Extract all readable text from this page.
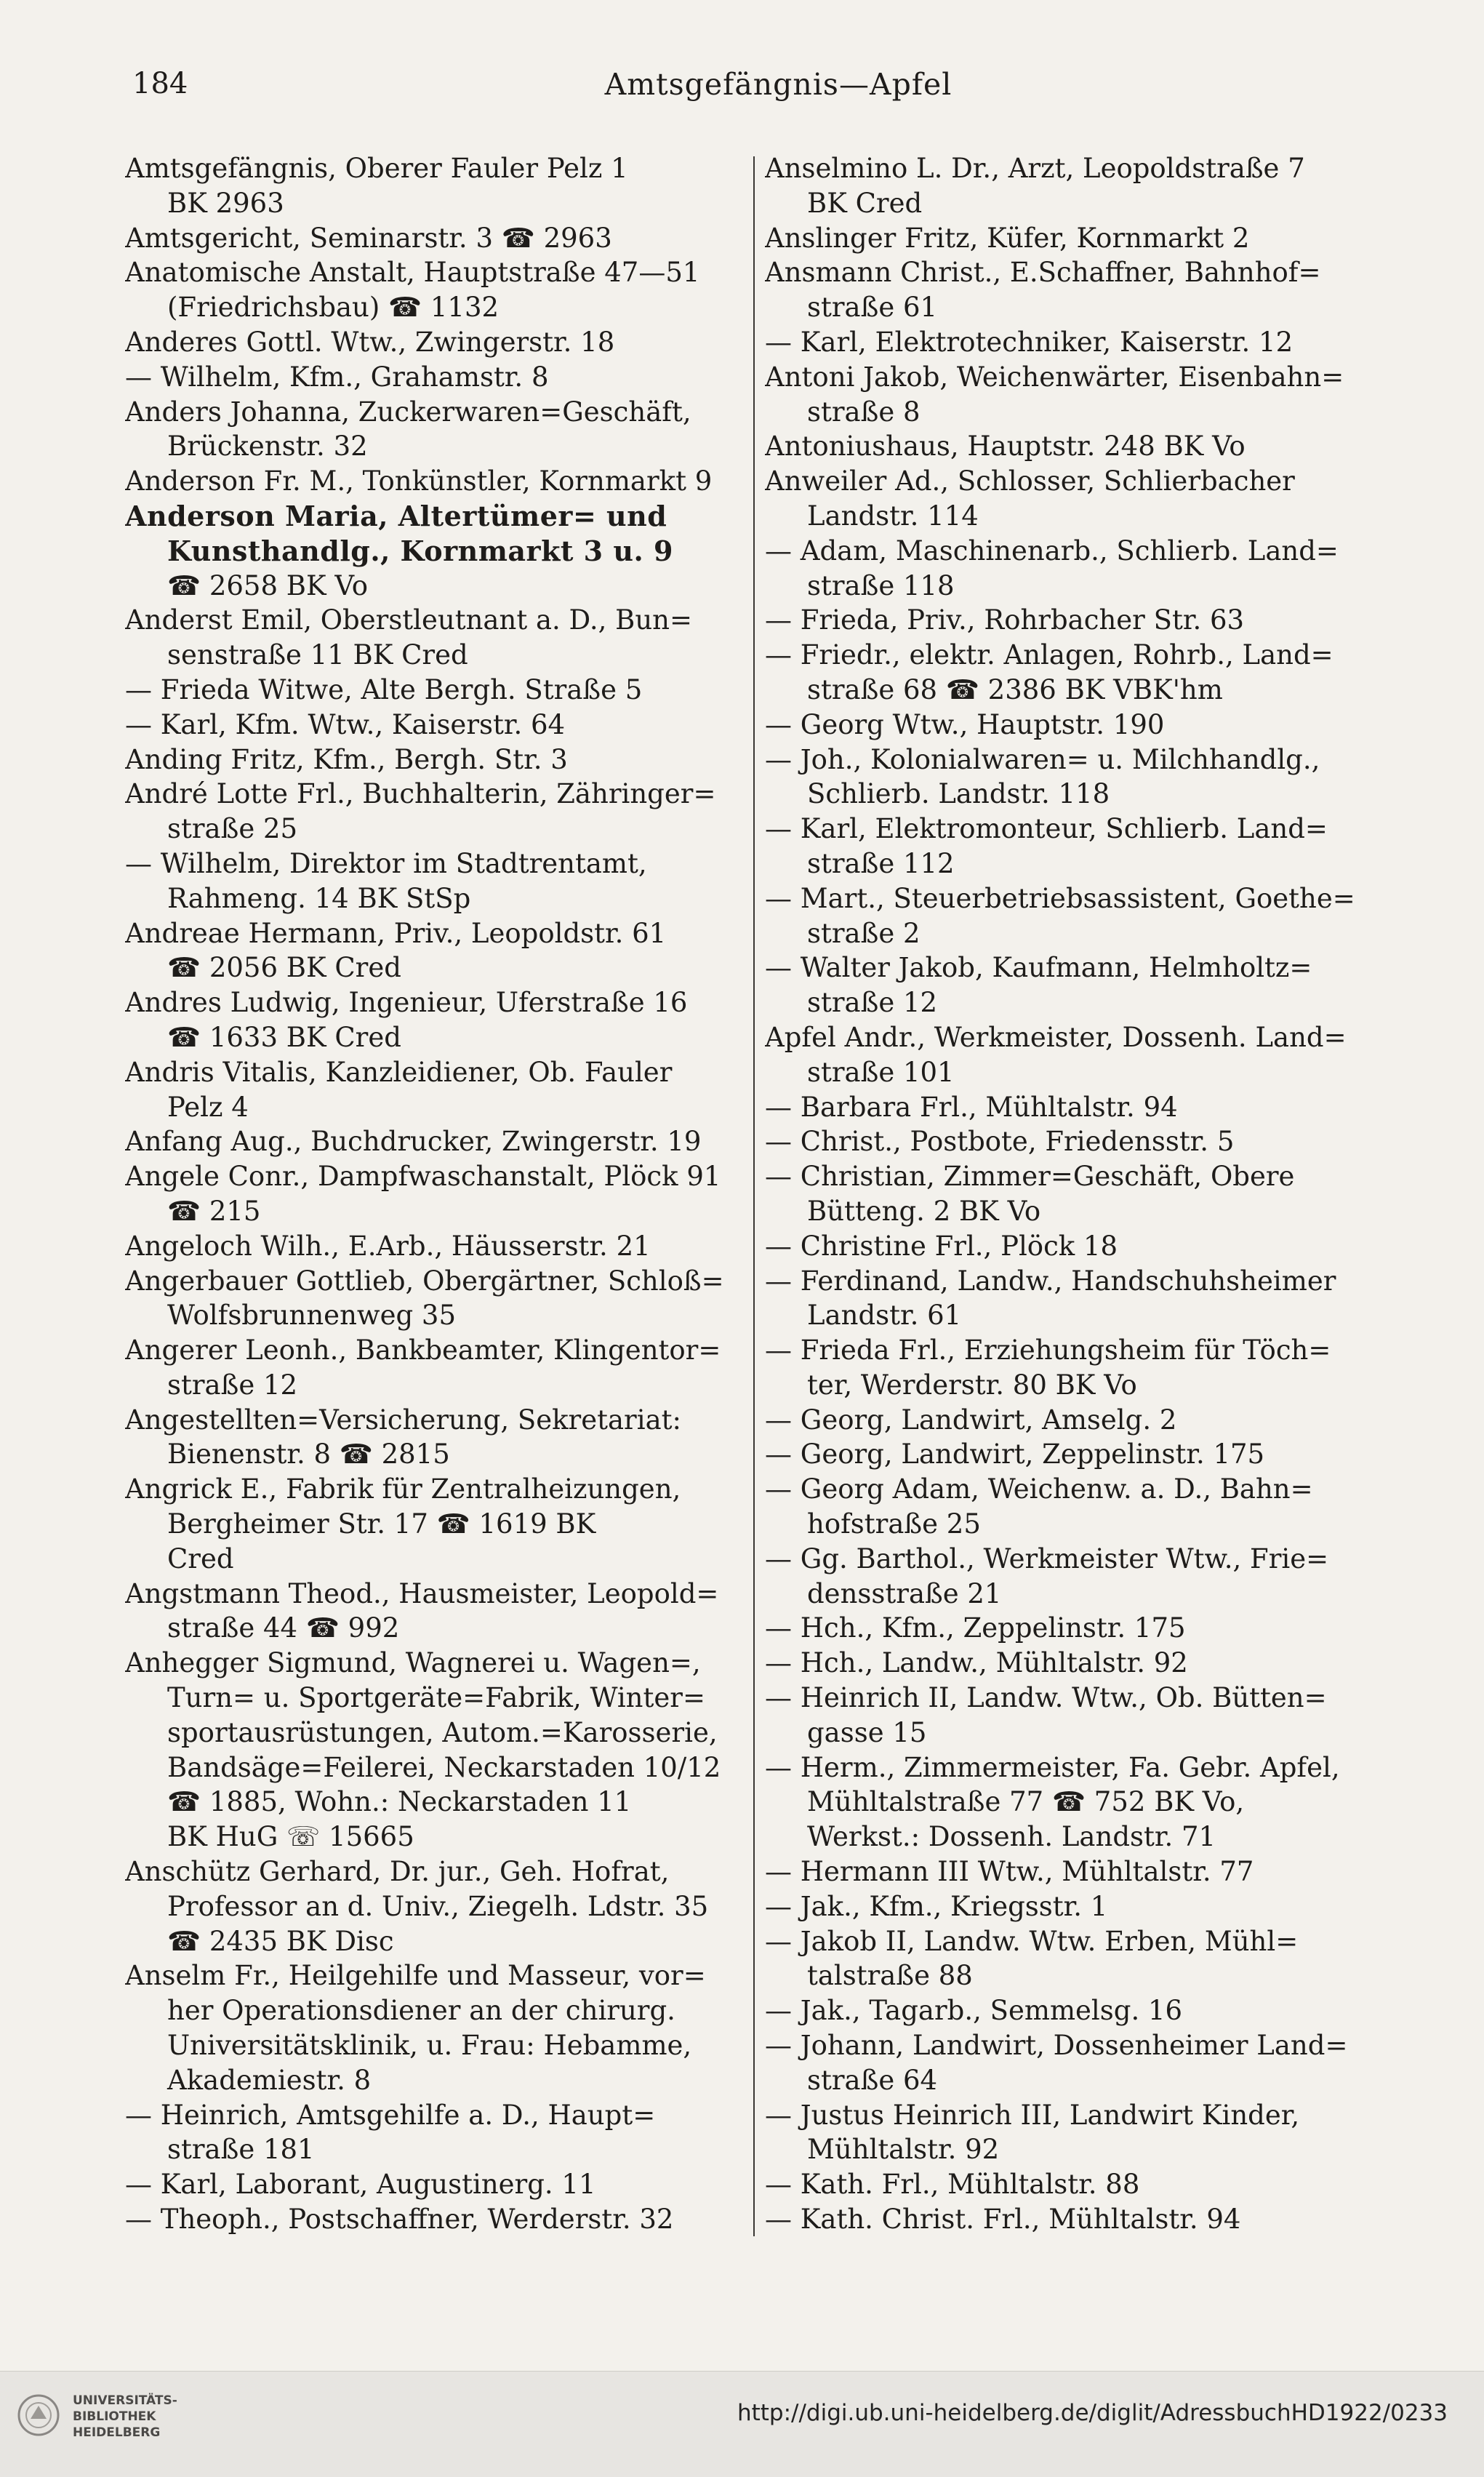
184	Amtsgefängnis—Apfel
Amtsgefängnis, Oberer Fauler Pelz 1
BK 2963
Amtsgericht, Seminarstr. 3 ☎ 2963
Anatomische Anstalt, Hauptstraße 47—51
(Friedrichsbau) ☎ 1132
Anderes Gottl. Wtw., Zwingerstr. 18
— Wilhelm, Kfm., Grahamstr. 8
Anders Johanna, Zuckerwaren=Geschäft,
Brückenstr. 32
Anderson Fr. M., Tonkünstler, Kornmarkt 9
Anderson Maria, Altertümer= und
Kunsthandlg., Kornmarkt 3 u. 9
☎ 2658 BK Vo
Anderst Emil, Oberstleutnant a. D., Bun=
senstraße 11 BK Cred
— Frieda Witwe, Alte Bergh. Straße 5
— Karl, Kfm. Wtw., Kaiserstr. 64
Anding Fritz, Kfm., Bergh. Str. 3
André Lotte Frl., Buchhalterin, Zähringer=
straße 25
— Wilhelm, Direktor im Stadtrentamt,
Rahmeng. 14 BK StSp
Andreae Hermann, Priv., Leopoldstr. 61
☎ 2056 BK Cred
Andres Ludwig, Ingenieur, Uferstraße 16
☎ 1633 BK Cred
Andris Vitalis, Kanzleidiener, Ob. Fauler
Pelz 4
Anfang Aug., Buchdrucker, Zwingerstr. 19
Angele Conr., Dampfwaschanstalt, Plöck 91
☎ 215
Angeloch Wilh., E.Arb., Häusserstr. 21
Angerbauer Gottlieb, Obergärtner, Schloß=
Wolfsbrunnenweg 35
Angerer Leonh., Bankbeamter, Klingentor=
straße 12
Angestellten=Versicherung, Sekretariat:
Bienenstr. 8 ☎ 2815
Angrick E., Fabrik für Zentralheizungen,
Bergheimer Str. 17 ☎ 1619 BK
Cred
Angstmann Theod., Hausmeister, Leopold=
straße 44 ☎ 992
Anhegger Sigmund, Wagnerei u. Wagen=,
Turn= u. Sportgeräte=Fabrik, Winter=
sportausrüstungen, Autom.=Karosserie,
Bandsäge=Feilerei, Neckarstaden 10/12
☎ 1885, Wohn.: Neckarstaden 11
BK HuG ☏ 15665
Anschütz Gerhard, Dr. jur., Geh. Hofrat,
Professor an d. Univ., Ziegelh. Ldstr. 35
☎ 2435 BK Disc
Anselm Fr., Heilgehilfe und Masseur, vor=
her Operationsdiener an der chirurg.
Universitätsklinik, u. Frau: Hebamme,
Akademiestr. 8
— Heinrich, Amtsgehilfe a. D., Haupt=
straße 181
— Karl, Laborant, Augustinerg. 11
— Theoph., Postschaffner, Werderstr. 32
Anselmino L. Dr., Arzt, Leopoldstraße 7
BK Cred
Anslinger Fritz, Küfer, Kornmarkt 2
Ansmann Christ., E.Schaffner, Bahnhof=
straße 61
— Karl, Elektrotechniker, Kaiserstr. 12
Antoni Jakob, Weichenwärter, Eisenbahn=
straße 8
Antoniushaus, Hauptstr. 248 BK Vo
Anweiler Ad., Schlosser, Schlierbacher
Landstr. 114
— Adam, Maschinenarb., Schlierb. Land=
straße 118
— Frieda, Priv., Rohrbacher Str. 63
— Friedr., elektr. Anlagen, Rohrb., Land=
straße 68 ☎ 2386 BK VBK'hm
— Georg Wtw., Hauptstr. 190
— Joh., Kolonialwaren= u. Milchhandlg.,
Schlierb. Landstr. 118
— Karl, Elektromonteur, Schlierb. Land=
straße 112
— Mart., Steuerbetriebsassistent, Goethe=
straße 2
— Walter Jakob, Kaufmann, Helmholtz=
straße 12
Apfel Andr., Werkmeister, Dossenh. Land=
straße 101
— Barbara Frl., Mühltalstr. 94
— Christ., Postbote, Friedensstr. 5
— Christian, Zimmer=Geschäft, Obere
Bütteng. 2 BK Vo
— Christine Frl., Plöck 18
— Ferdinand, Landw., Handschuhsheimer
Landstr. 61
— Frieda Frl., Erziehungsheim für Töch=
ter, Werderstr. 80 BK Vo
— Georg, Landwirt, Amselg. 2
— Georg, Landwirt, Zeppelinstr. 175
— Georg Adam, Weichenw. a. D., Bahn=
hofstraße 25
— Gg. Barthol., Werkmeister Wtw., Frie=
densstraße 21
— Hch., Kfm., Zeppelinstr. 175
— Hch., Landw., Mühltalstr. 92
— Heinrich II, Landw. Wtw., Ob. Bütten=
gasse 15
— Herm., Zimmermeister, Fa. Gebr. Apfel,
Mühltalstraße 77 ☎ 752 BK Vo,
Werkst.: Dossenh. Landstr. 71
— Hermann III Wtw., Mühltalstr. 77
— Jak., Kfm., Kriegsstr. 1
— Jakob II, Landw. Wtw. Erben, Mühl=
talstraße 88
— Jak., Tagarb., Semmelsg. 16
— Johann, Landwirt, Dossenheimer Land=
straße 64
— Justus Heinrich III, Landwirt Kinder,
Mühltalstr. 92
— Kath. Frl., Mühltalstr. 88
— Kath. Christ. Frl., Mühltalstr. 94
UNIVERSITÄTS-
BIBLIOTHEK
HEIDELBERG
http://digi.ub.uni-heidelberg.de/diglit/AdressbuchHD1922/0233
